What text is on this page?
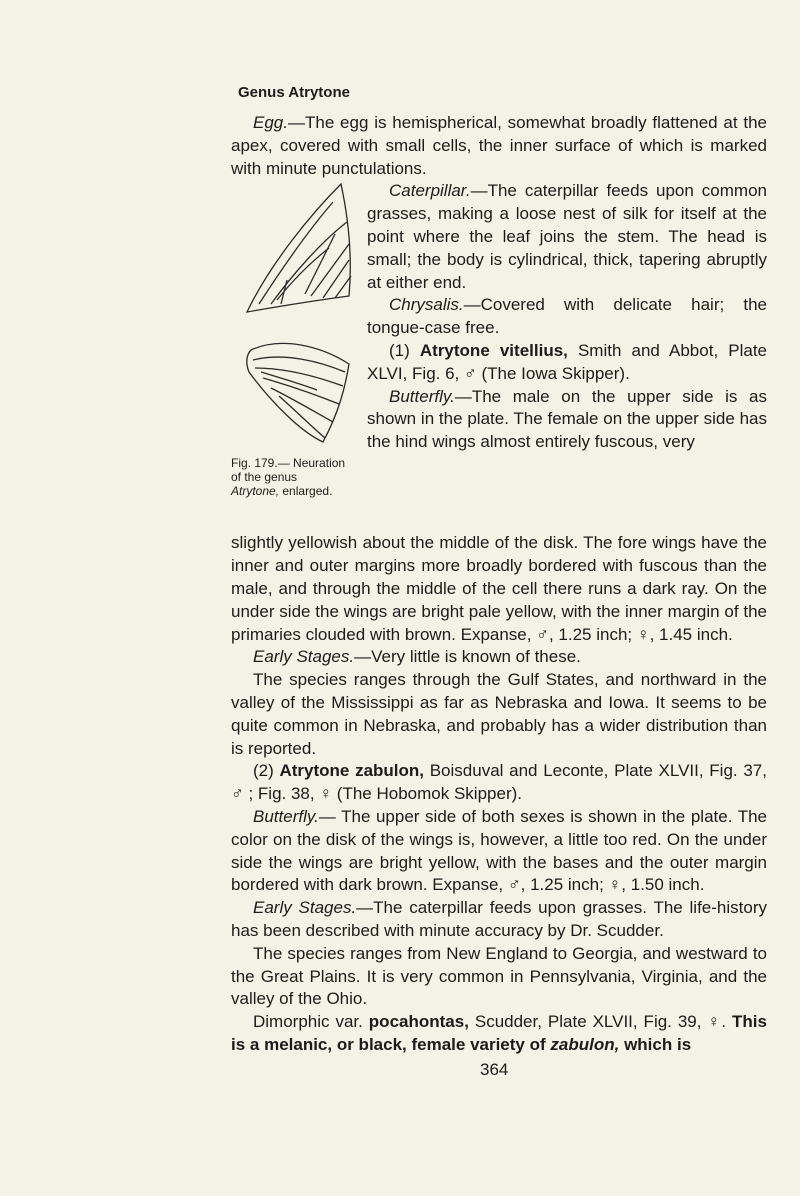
Genus Atrytone

Egg.—The egg is hemispherical, somewhat broadly flattened at the apex, covered with small cells, the inner surface of which is marked with minute punctulations.

Fig. 179.— Neuration of the genus Atrytone, enlarged.

Caterpillar.—The caterpillar feeds upon common grasses, making a loose nest of silk for itself at the point where the leaf joins the stem. The head is small; the body is cylindrical, thick, tapering abruptly at either end.

Chrysalis.—Covered with delicate hair; the tongue-case free.

(1) Atrytone vitellius, Smith and Abbot, Plate XLVI, Fig. 6, ♂ (The Iowa Skipper).

Butterfly.—The male on the upper side is as shown in the plate. The female on the upper side has the hind wings almost entirely fuscous, very

slightly yellowish about the middle of the disk. The fore wings have the inner and outer margins more broadly bordered with fuscous than the male, and through the middle of the cell there runs a dark ray. On the under side the wings are bright pale yellow, with the inner margin of the primaries clouded with brown. Expanse, ♂, 1.25 inch; ♀, 1.45 inch.

Early Stages.—Very little is known of these.

The species ranges through the Gulf States, and northward in the valley of the Mississippi as far as Nebraska and Iowa. It seems to be quite common in Nebraska, and probably has a wider distribution than is reported.

(2) Atrytone zabulon, Boisduval and Leconte, Plate XLVII, Fig. 37, ♂ ; Fig. 38, ♀ (The Hobomok Skipper).

Butterfly.— The upper side of both sexes is shown in the plate. The color on the disk of the wings is, however, a little too red. On the under side the wings are bright yellow, with the bases and the outer margin bordered with dark brown. Expanse, ♂, 1.25 inch; ♀, 1.50 inch.

Early Stages.—The caterpillar feeds upon grasses. The life-history has been described with minute accuracy by Dr. Scudder.

The species ranges from New England to Georgia, and westward to the Great Plains. It is very common in Pennsylvania, Virginia, and the valley of the Ohio.

Dimorphic var. pocahontas, Scudder, Plate XLVII, Fig. 39, ♀. This is a melanic, or black, female variety of zabulon, which is

364
